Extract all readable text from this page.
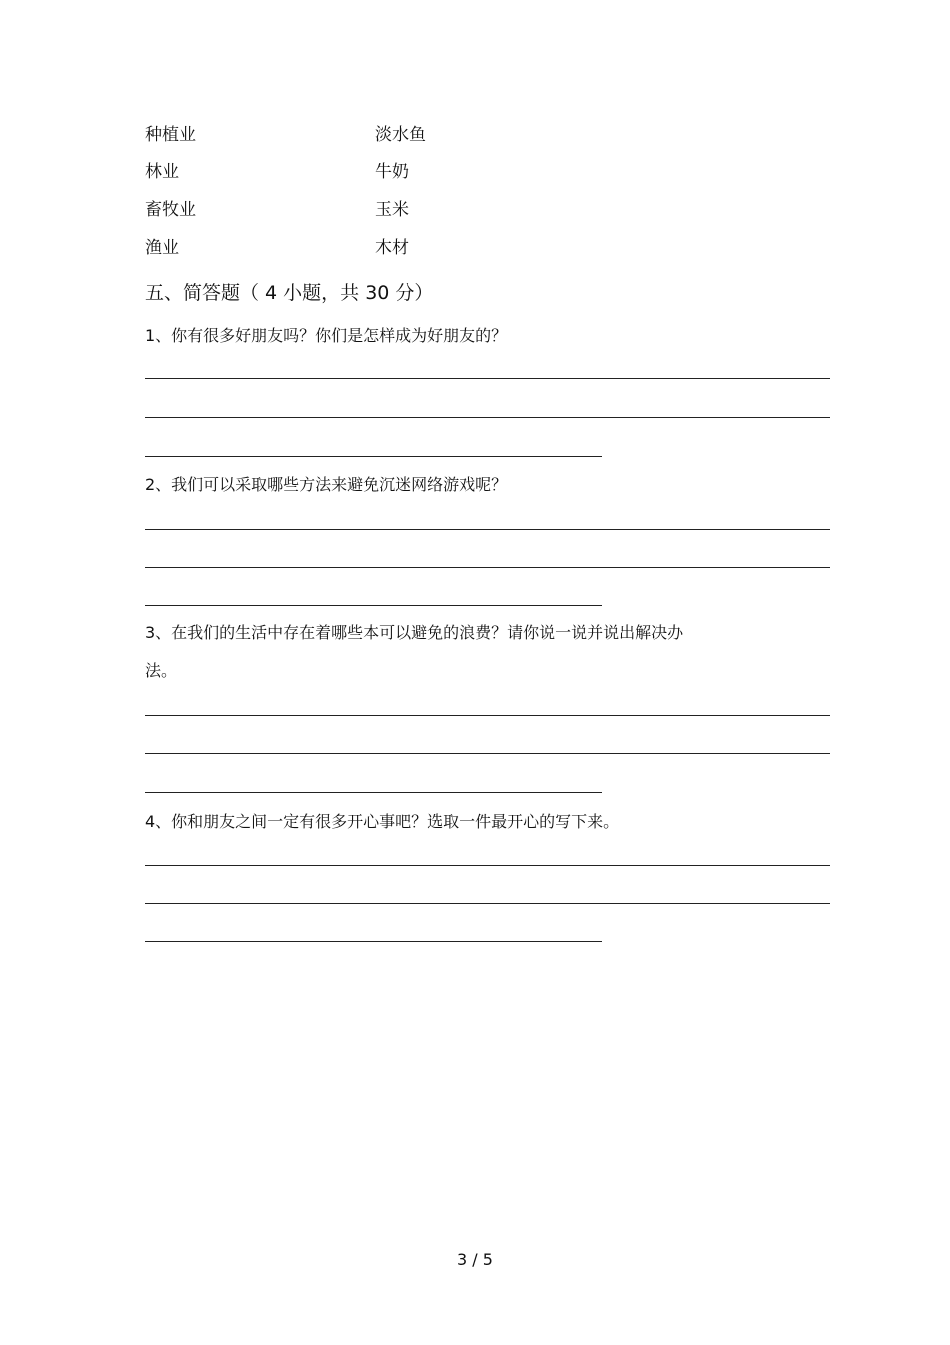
种植业	淡水鱼
林业	牛奶
畜牧业	玉米
渔业	木材
五、简答题（ 4 小题，共 30 分）
1、你有很多好朋友吗？你们是怎样成为好朋友的？
2、我们可以采取哪些方法来避免沉迷网络游戏呢？
3、在我们的生活中存在着哪些本可以避免的浪费？请你说一说并说出解决办
法。
4、你和朋友之间一定有很多开心事吧？选取一件最开心的写下来。
3 / 5
